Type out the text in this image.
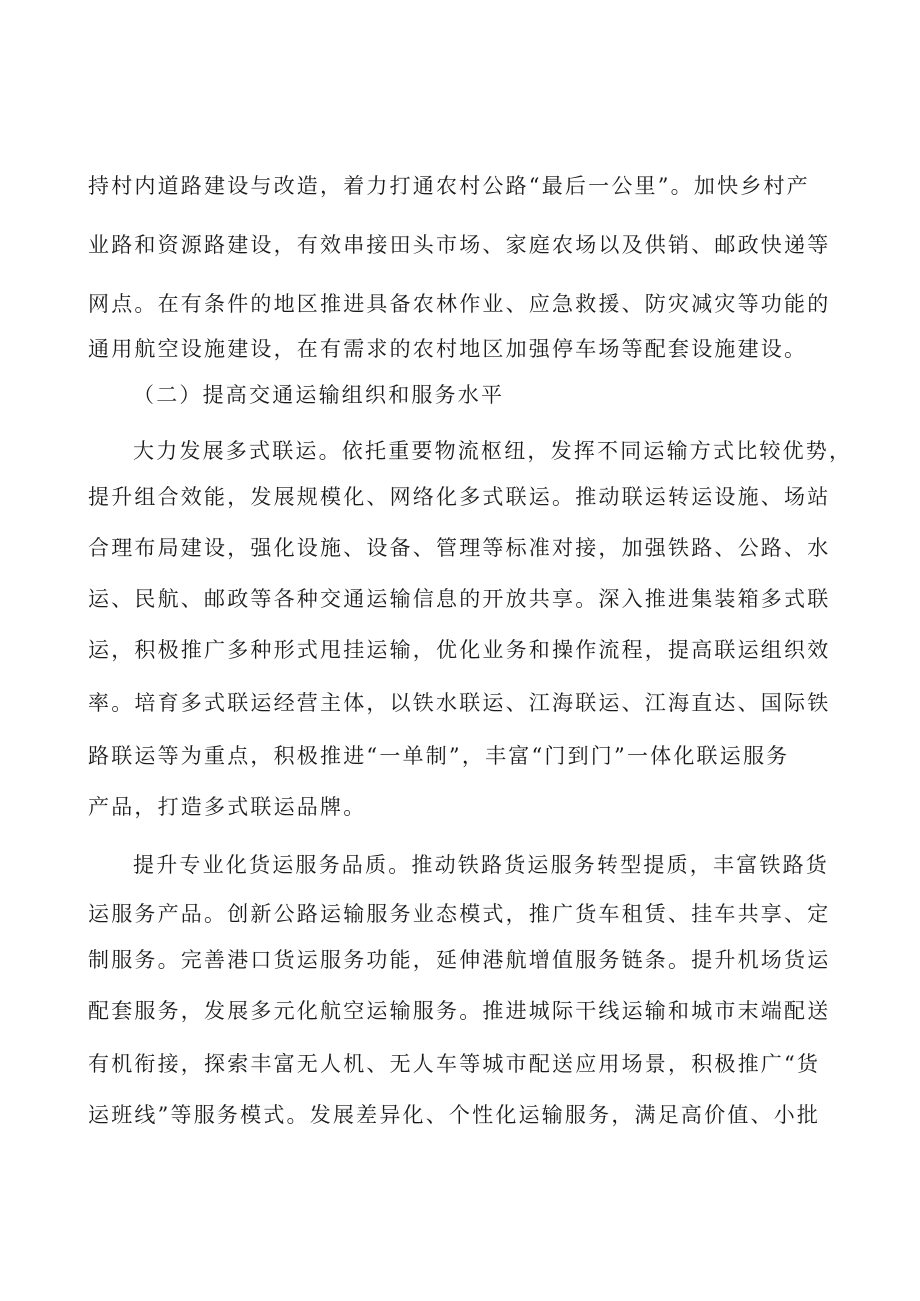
持村内道路建设与改造，着力打通农村公路“最后一公里”。加快乡村产
业路和资源路建设，有效串接田头市场、家庭农场以及供销、邮政快递等
网点。在有条件的地区推进具备农林作业、应急救援、防灾减灾等功能的
通用航空设施建设，在有需求的农村地区加强停车场等配套设施建设。
（二）提高交通运输组织和服务水平
大力发展多式联运。依托重要物流枢纽，发挥不同运输方式比较优势，
提升组合效能，发展规模化、网络化多式联运。推动联运转运设施、场站
合理布局建设，强化设施、设备、管理等标准对接，加强铁路、公路、水
运、民航、邮政等各种交通运输信息的开放共享。深入推进集装箱多式联
运，积极推广多种形式甩挂运输，优化业务和操作流程，提高联运组织效
率。培育多式联运经营主体，以铁水联运、江海联运、江海直达、国际铁
路联运等为重点，积极推进“一单制”，丰富“门到门”一体化联运服务
产品，打造多式联运品牌。
提升专业化货运服务品质。推动铁路货运服务转型提质，丰富铁路货
运服务产品。创新公路运输服务业态模式，推广货车租赁、挂车共享、定
制服务。完善港口货运服务功能，延伸港航增值服务链条。提升机场货运
配套服务，发展多元化航空运输服务。推进城际干线运输和城市末端配送
有机衔接，探索丰富无人机、无人车等城市配送应用场景，积极推广“货
运班线”等服务模式。发展差异化、个性化运输服务，满足高价值、小批
